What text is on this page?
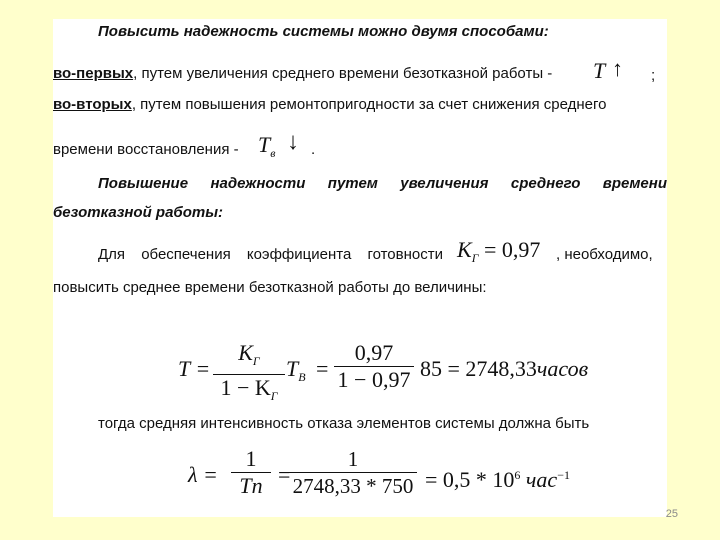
Повысить надежность системы можно двумя способами:
во-первых, путем увеличения среднего времени безотказной работы - T ↑ ;
во-вторых, путем повышения ремонтопригодности за счет снижения среднего
времени восстановления - $T_в$ ↓ .
Повышение надежности путем увеличения среднего времени
безотказной работы:
Для обеспечения коэффициента готовности $K_Г = 0,97$ , необходимо,
повысить среднее времени безотказной работы до величины:
T =
$K_Г$
$1 - K_Г$
$T_B$ =
0,97
1 − 0,97 85 = 2748,33часов
тогда средняя интенсивность отказа элементов системы должна быть
λ =
1
Tn =
1
$2748,33 * 750 = 0,5 * 10^6$ час$^{-1}$
25
